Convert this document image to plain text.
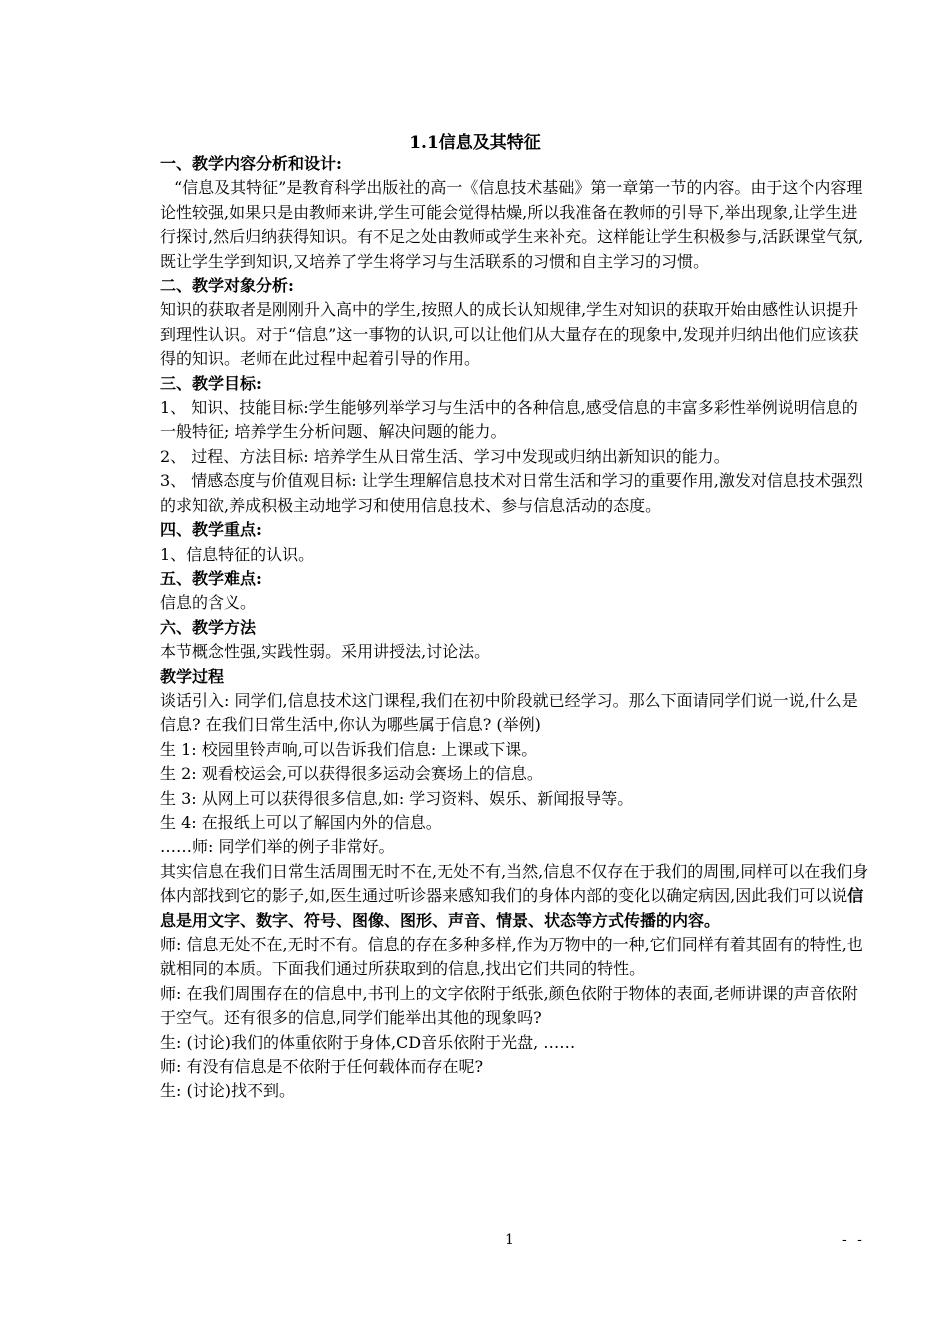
1.1信息及其特征

一、教学内容分析和设计:

“信息及其特征”是教育科学出版社的高一《信息技术基础》第一章第一节的内容。由于这个内容理论性较强,如果只是由教师来讲,学生可能会觉得枯燥,所以我准备在教师的引导下,举出现象,让学生进行探讨,然后归纳获得知识。有不足之处由教师或学生来补充。这样能让学生积极参与,活跃课堂气氛,既让学生学到知识,又培养了学生将学习与生活联系的习惯和自主学习的习惯。

二、教学对象分析:

知识的获取者是刚刚升入高中的学生,按照人的成长认知规律,学生对知识的获取开始由感性认识提升到理性认识。对于“信息”这一事物的认识,可以让他们从大量存在的现象中,发现并归纳出他们应该获得的知识。老师在此过程中起着引导的作用。

三、教学目标:

1、 知识、技能目标:学生能够列举学习与生活中的各种信息,感受信息的丰富多彩性举例说明信息的一般特征; 培养学生分析问题、解决问题的能力。

2、 过程、方法目标: 培养学生从日常生活、学习中发现或归纳出新知识的能力。

3、 情感态度与价值观目标: 让学生理解信息技术对日常生活和学习的重要作用,激发对信息技术强烈的求知欲,养成积极主动地学习和使用信息技术、参与信息活动的态度。

四、教学重点:

1、信息特征的认识。

五、教学难点:

信息的含义。

六、教学方法

本节概念性强,实践性弱。采用讲授法,讨论法。

教学过程

谈话引入: 同学们,信息技术这门课程,我们在初中阶段就已经学习。那么下面请同学们说一说,什么是信息? 在我们日常生活中,你认为哪些属于信息? (举例)

生 1: 校园里铃声响,可以告诉我们信息: 上课或下课。

生 2: 观看校运会,可以获得很多运动会赛场上的信息。

生 3: 从网上可以获得很多信息,如: 学习资料、娱乐、新闻报导等。

生 4: 在报纸上可以了解国内外的信息。

……师: 同学们举的例子非常好。

其实信息在我们日常生活周围无时不在,无处不有,当然,信息不仅存在于我们的周围,同样可以在我们身体内部找到它的影子,如,医生通过听诊器来感知我们的身体内部的变化以确定病因,因此我们可以说信息是用文字、数字、符号、图像、图形、声音、情景、状态等方式传播的内容。

师: 信息无处不在,无时不有。信息的存在多种多样,作为万物中的一种,它们同样有着其固有的特性,也就相同的本质。下面我们通过所获取到的信息,找出它们共同的特性。

师: 在我们周围存在的信息中,书刊上的文字依附于纸张,颜色依附于物体的表面,老师讲课的声音依附于空气。还有很多的信息,同学们能举出其他的现象吗?

生: (讨论)我们的体重依附于身体,CD音乐依附于光盘, ……

师: 有没有信息是不依附于任何载体而存在呢?

生: (讨论)找不到。

1	- -
